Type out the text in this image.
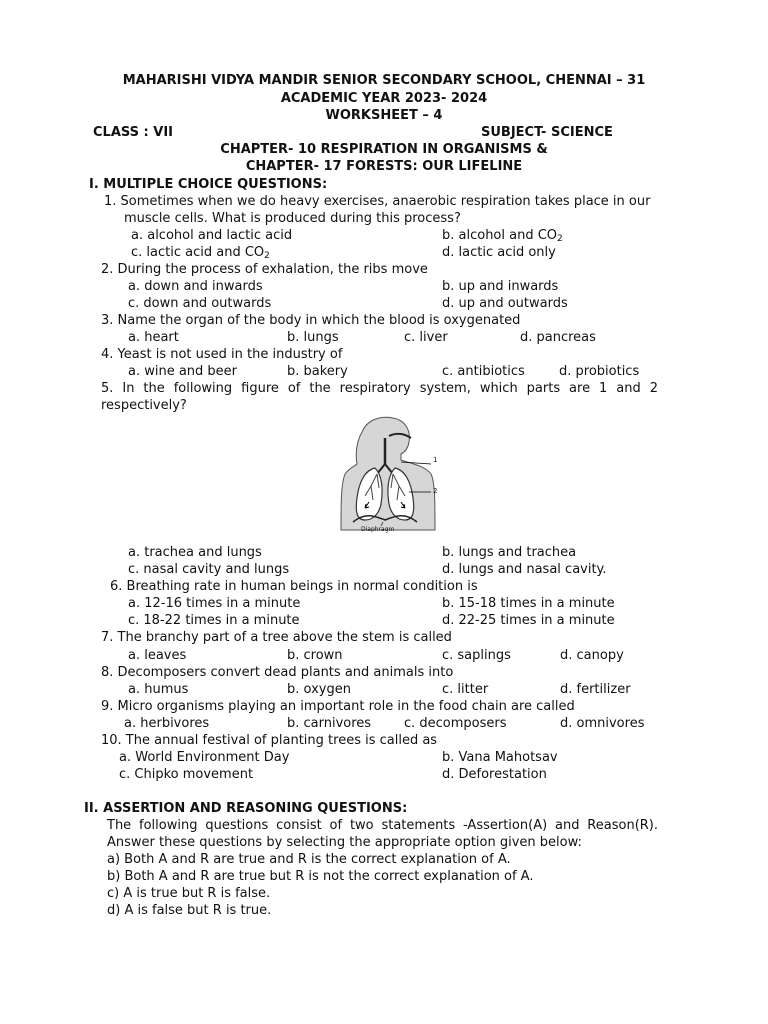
MAHARISHI VIDYA MANDIR SENIOR SECONDARY SCHOOL, CHENNAI – 31
ACADEMIC YEAR 2023- 2024
WORKSHEET – 4
CLASS : VII	SUBJECT- SCIENCE
CHAPTER- 10 RESPIRATION IN ORGANISMS &
CHAPTER- 17 FORESTS: OUR LIFELINE
I. MULTIPLE CHOICE QUESTIONS:
1. Sometimes when we do heavy exercises, anaerobic respiration takes place in our
muscle cells. What is produced during this process?
a. alcohol and lactic acid	b. alcohol and $CO_2$
c. lactic acid and $CO_2$	d. lactic acid only
2. During the process of exhalation, the ribs move
a. down and inwards	b. up and inwards
c. down and outwards	d. up and outwards
3. Name the organ of the body in which the blood is oxygenated
a. heart	b. lungs	c. liver	d. pancreas
4. Yeast is not used in the industry of
a. wine and beer	b. bakery	c. antibiotics	d. probiotics
5. In the following figure of the respiratory system, which parts are 1 and 2
respectively?
1
2
Diaphragm
a. trachea and lungs	b. lungs and trachea
c. nasal cavity and lungs	d. lungs and nasal cavity.
6. Breathing rate in human beings in normal condition is
a. 12-16 times in a minute	b. 15-18 times in a minute
c. 18-22 times in a minute	d. 22-25 times in a minute
7. The branchy part of a tree above the stem is called
a. leaves	b. crown	c. saplings	d. canopy
8. Decomposers convert dead plants and animals into
a. humus	b. oxygen	c. litter	d. fertilizer
9. Micro organisms playing an important role in the food chain are called
a. herbivores	b. carnivores	c. decomposers	d. omnivores
10. The annual festival of planting trees is called as
a. World Environment Day	b. Vana Mahotsav
c. Chipko movement	d. Deforestation
II. ASSERTION AND REASONING QUESTIONS:
The following questions consist of two statements -Assertion(A) and Reason(R).
Answer these questions by selecting the appropriate option given below:
a) Both A and R are true and R is the correct explanation of A.
b) Both A and R are true but R is not the correct explanation of A.
c) A is true but R is false.
d) A is false but R is true.
